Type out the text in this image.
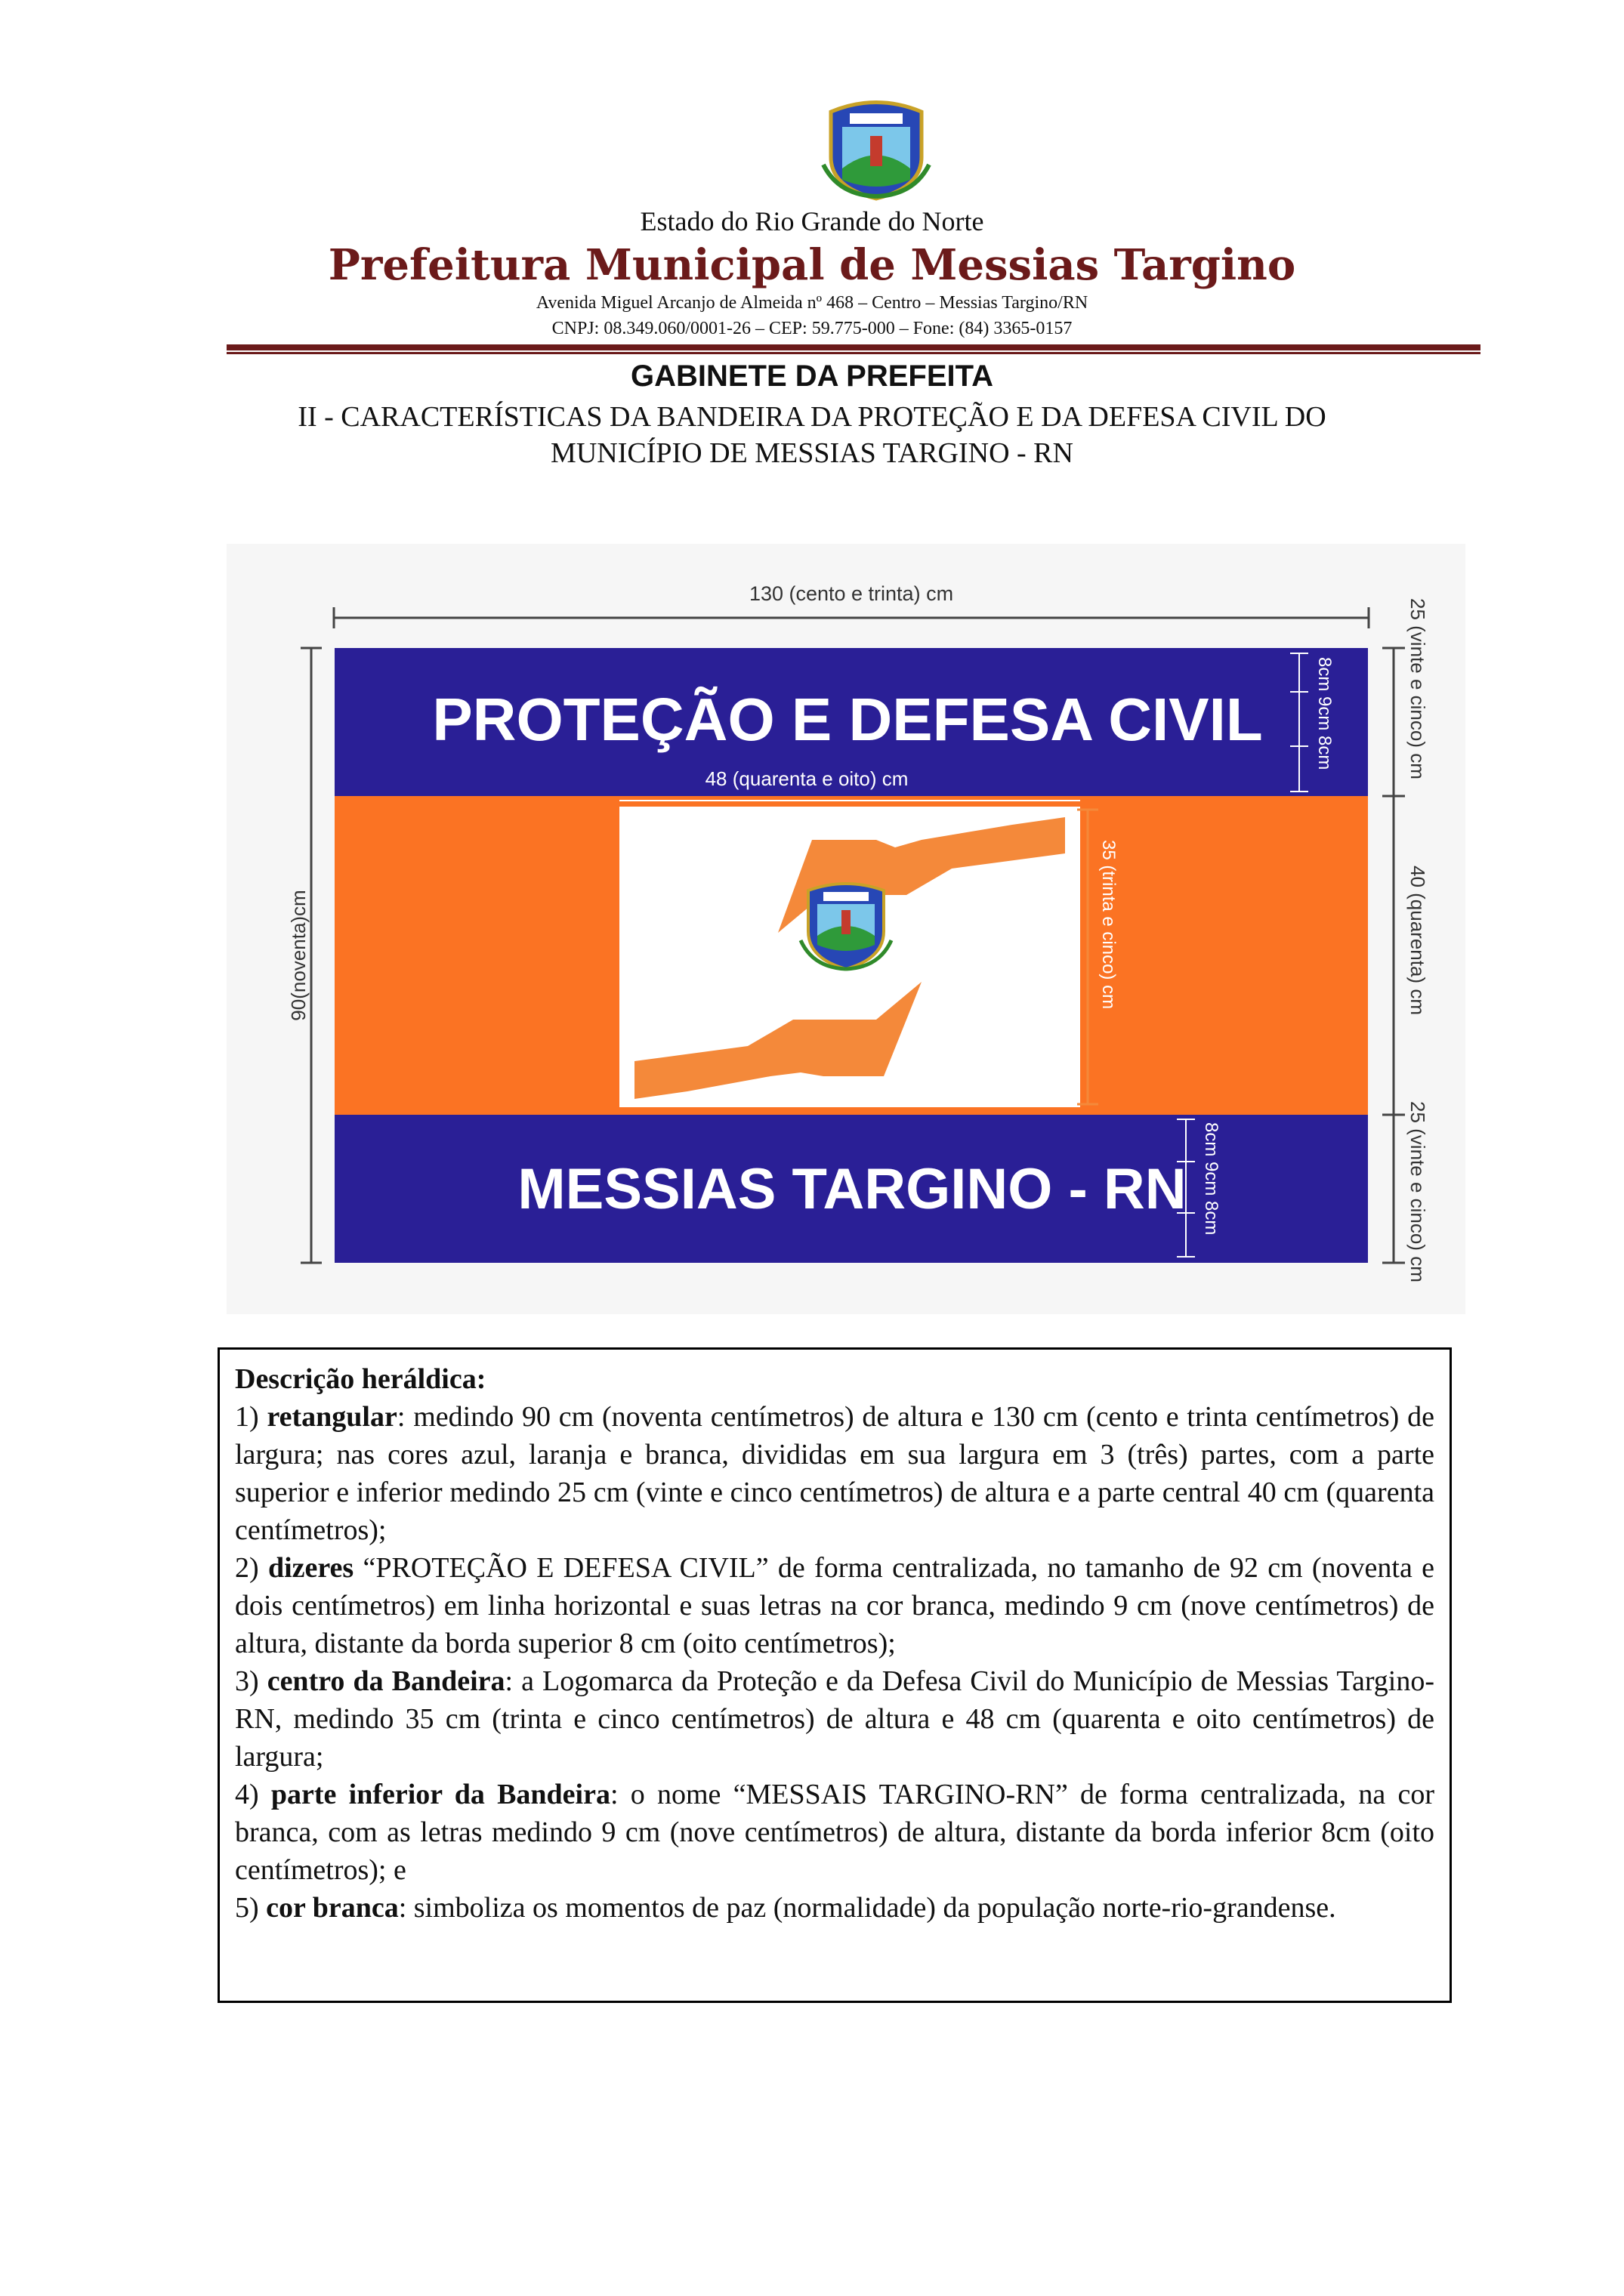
Estado do Rio Grande do Norte
Prefeitura Municipal de Messias Targino
Avenida Miguel Arcanjo de Almeida nº 468 – Centro – Messias Targino/RN
CNPJ: 08.349.060/0001-26 – CEP: 59.775-000 – Fone: (84) 3365-0157
GABINETE DA PREFEITA
II - CARACTERÍSTICAS DA BANDEIRA DA PROTEÇÃO E DA DEFESA CIVIL DO
MUNICÍPIO DE MESSIAS TARGINO - RN
130 (cento e trinta) cm
90(noventa)cm
PROTEÇÃO E DEFESA CIVIL
MESSIAS TARGINO - RN
8cm 9cm 8cm
8cm 9cm 8cm
48 (quarenta e oito) cm
35 (trinta e cinco) cm
25 (vinte e cinco) cm
40 (quarenta) cm
25 (vinte e cinco) cm

Descrição heráldica:

1) retangular: medindo 90 cm (noventa centímetros) de altura e 130 cm (cento e trinta centímetros) de largura; nas cores azul, laranja e branca, divididas em sua largura em 3 (três) partes, com a parte superior e inferior medindo 25 cm (vinte e cinco centímetros) de altura e a parte central 40 cm (quarenta centímetros);

2) dizeres “PROTEÇÃO E DEFESA CIVIL” de forma centralizada, no tamanho de 92 cm (noventa e dois centímetros) em linha horizontal e suas letras na cor branca, medindo 9 cm (nove centímetros) de altura, distante da borda superior 8 cm (oito centímetros);

3) centro da Bandeira: a Logomarca da Proteção e da Defesa Civil do Município de Messias Targino-RN, medindo 35 cm (trinta e cinco centímetros) de altura e 48 cm (quarenta e oito centímetros) de largura;

4) parte inferior da Bandeira: o nome “MESSAIS TARGINO-RN” de forma centralizada, na cor branca, com as letras medindo 9 cm (nove centímetros) de altura, distante da borda inferior 8cm (oito centímetros); e

5) cor branca: simboliza os momentos de paz (normalidade) da população norte-rio-grandense.
